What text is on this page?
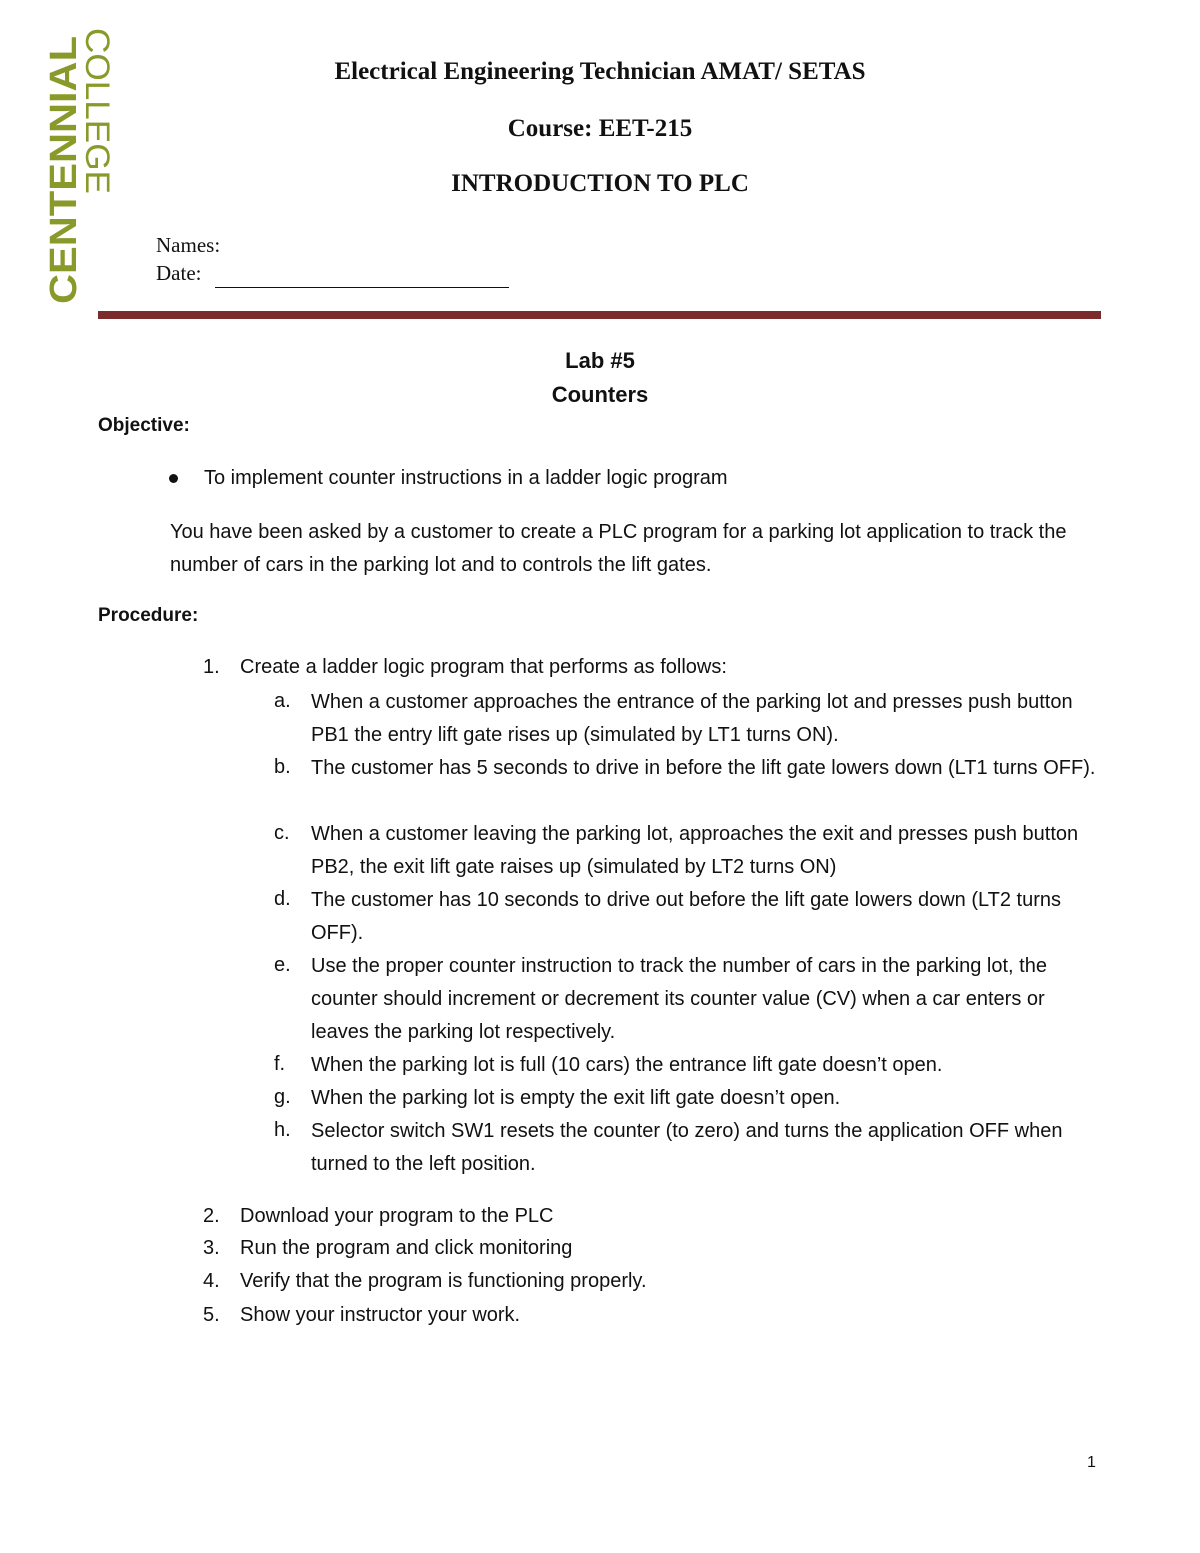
CENTENNIAL
COLLEGE	Electrical Engineering Technician AMAT/ SETAS
Course: EET-215
INTRODUCTION TO PLC
Names:
Date:
Lab #5
Counters
Objective:
To implement counter instructions in a ladder logic program
You have been asked by a customer to create a PLC program for a parking lot application to track the number of cars in the parking lot and to controls the lift gates.
Procedure:
1. Create a ladder logic program that performs as follows:
a. When a customer approaches the entrance of the parking lot and presses push button PB1 the entry lift gate rises up (simulated by LT1 turns ON).
b. The customer has 5 seconds to drive in before the lift gate lowers down (LT1 turns OFF).
c. When a customer leaving the parking lot, approaches the exit and presses push button PB2, the exit lift gate raises up (simulated by LT2 turns ON)
d. The customer has 10 seconds to drive out before the lift gate lowers down (LT2 turns OFF).
e. Use the proper counter instruction to track the number of cars in the parking lot, the counter should increment or decrement its counter value (CV) when a car enters or leaves the parking lot respectively.
f. When the parking lot is full (10 cars) the entrance lift gate doesn’t open.
g. When the parking lot is empty the exit lift gate doesn’t open.
h. Selector switch SW1 resets the counter (to zero) and turns the application OFF when turned to the left position.
2. Download your program to the PLC
3. Run the program and click monitoring
4. Verify that the program is functioning properly.
5. Show your instructor your work.
1
